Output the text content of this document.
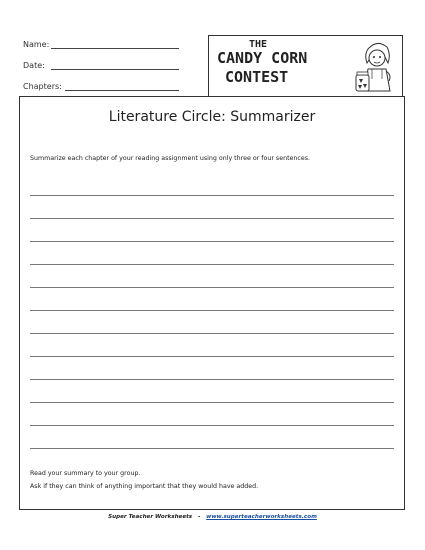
Name:
Date:
Chapters:
THE
CANDY CORN
CONTEST
Literature Circle: Summarizer
Summarize each chapter of your reading assignment using only three or four sentences.
Read your summary to your group.
Ask if they can think of anything important that they would have added.
Super Teacher Worksheets - www.superteacherworksheets.com
